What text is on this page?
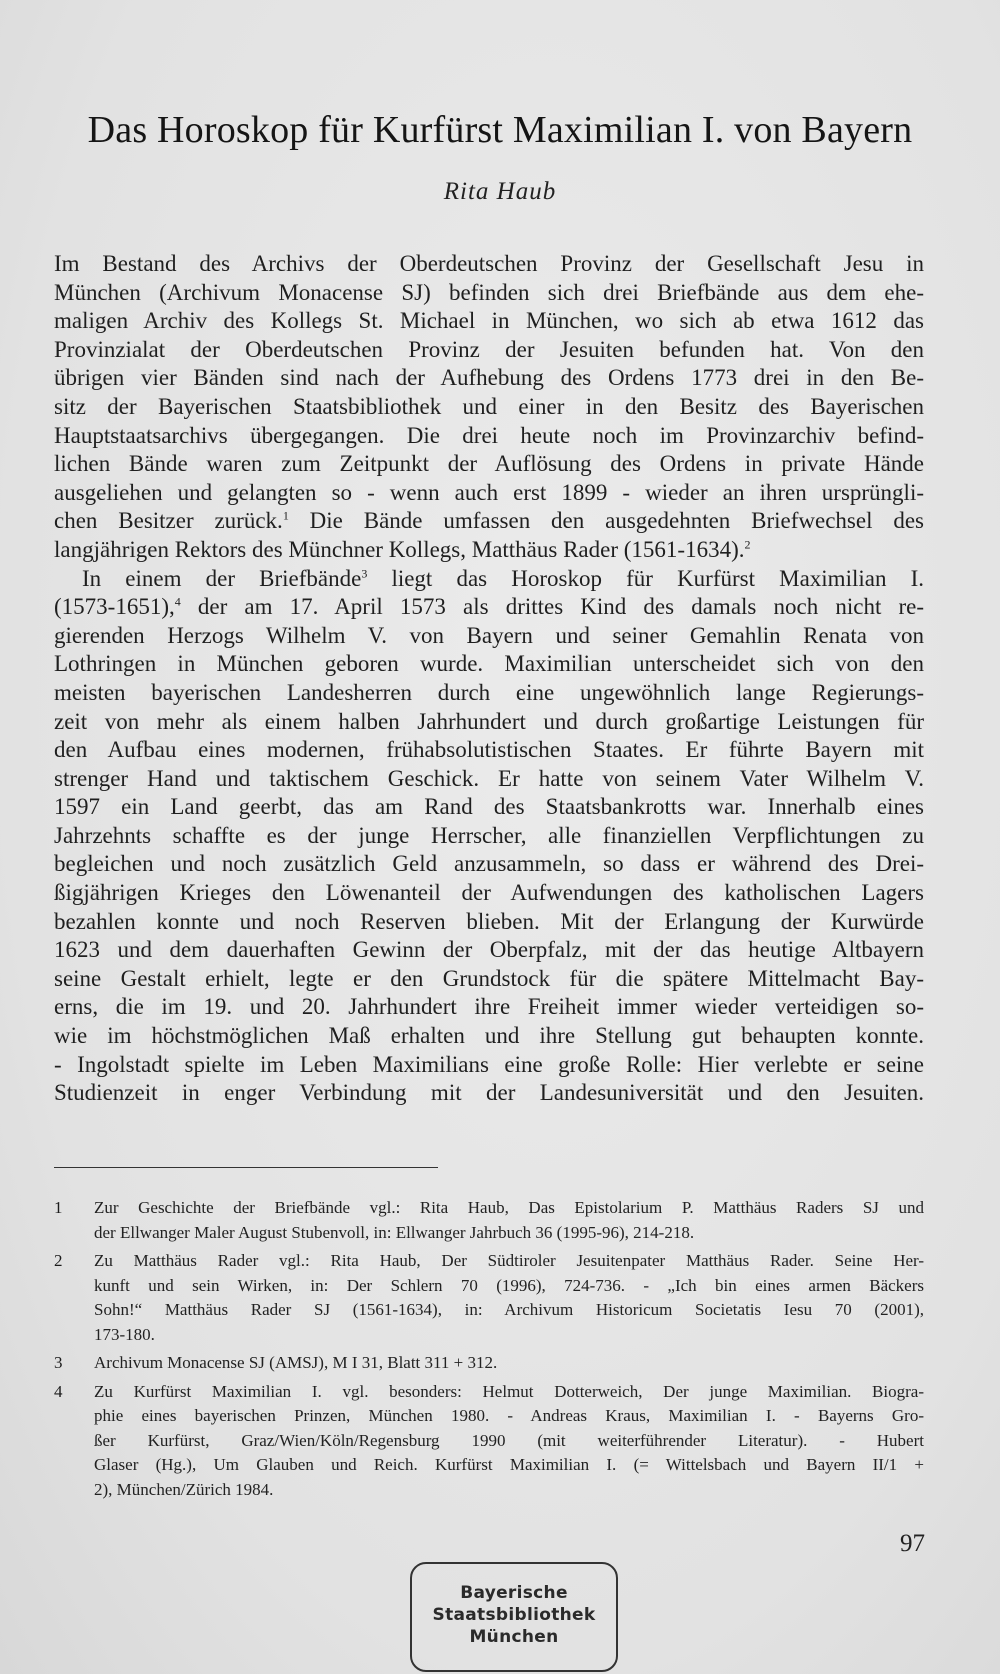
Das Horoskop für Kurfürst Maximilian I. von Bayern
Rita Haub
Im Bestand des Archivs der Oberdeutschen Provinz der Gesellschaft Jesu in
München (Archivum Monacense SJ) befinden sich drei Briefbände aus dem ehe-
maligen Archiv des Kollegs St. Michael in München, wo sich ab etwa 1612 das
Provinzialat der Oberdeutschen Provinz der Jesuiten befunden hat. Von den
übrigen vier Bänden sind nach der Aufhebung des Ordens 1773 drei in den Be-
sitz der Bayerischen Staatsbibliothek und einer in den Besitz des Bayerischen
Hauptstaatsarchivs übergegangen. Die drei heute noch im Provinzarchiv befind-
lichen Bände waren zum Zeitpunkt der Auflösung des Ordens in private Hände
ausgeliehen und gelangten so - wenn auch erst 1899 - wieder an ihren ursprüngli-
chen Besitzer zurück.$^1$ Die Bände umfassen den ausgedehnten Briefwechsel des
langjährigen Rektors des Münchner Kollegs, Matthäus Rader (1561-1634).$^2$
In einem der Briefbände$^3$ liegt das Horoskop für Kurfürst Maximilian I.
(1573-1651),$^4$ der am 17. April 1573 als drittes Kind des damals noch nicht re-
gierenden Herzogs Wilhelm V. von Bayern und seiner Gemahlin Renata von
Lothringen in München geboren wurde. Maximilian unterscheidet sich von den
meisten bayerischen Landesherren durch eine ungewöhnlich lange Regierungs-
zeit von mehr als einem halben Jahrhundert und durch großartige Leistungen für
den Aufbau eines modernen, frühabsolutistischen Staates. Er führte Bayern mit
strenger Hand und taktischem Geschick. Er hatte von seinem Vater Wilhelm V.
1597 ein Land geerbt, das am Rand des Staatsbankrotts war. Innerhalb eines
Jahrzehnts schaffte es der junge Herrscher, alle finanziellen Verpflichtungen zu
begleichen und noch zusätzlich Geld anzusammeln, so dass er während des Drei-
ßigjährigen Krieges den Löwenanteil der Aufwendungen des katholischen Lagers
bezahlen konnte und noch Reserven blieben. Mit der Erlangung der Kurwürde
1623 und dem dauerhaften Gewinn der Oberpfalz, mit der das heutige Altbayern
seine Gestalt erhielt, legte er den Grundstock für die spätere Mittelmacht Bay-
erns, die im 19. und 20. Jahrhundert ihre Freiheit immer wieder verteidigen so-
wie im höchstmöglichen Maß erhalten und ihre Stellung gut behaupten konnte.
- Ingolstadt spielte im Leben Maximilians eine große Rolle: Hier verlebte er seine
Studienzeit in enger Verbindung mit der Landesuniversität und den Jesuiten.
1 Zur Geschichte der Briefbände vgl.: Rita Haub, Das Epistolarium P. Matthäus Raders SJ und
der Ellwanger Maler August Stubenvoll, in: Ellwanger Jahrbuch 36 (1995-96), 214-218.
2 Zu Matthäus Rader vgl.: Rita Haub, Der Südtiroler Jesuitenpater Matthäus Rader. Seine Her-
kunft und sein Wirken, in: Der Schlern 70 (1996), 724-736. - „Ich bin eines armen Bäckers
Sohn!“ Matthäus Rader SJ (1561-1634), in: Archivum Historicum Societatis Iesu 70 (2001),
173-180.
3 Archivum Monacense SJ (AMSJ), M I 31, Blatt 311 + 312.
4 Zu Kurfürst Maximilian I. vgl. besonders: Helmut Dotterweich, Der junge Maximilian. Biogra-
phie eines bayerischen Prinzen, München 1980. - Andreas Kraus, Maximilian I. - Bayerns Gro-
ßer Kurfürst, Graz/Wien/Köln/Regensburg 1990 (mit weiterführender Literatur). - Hubert
Glaser (Hg.), Um Glauben und Reich. Kurfürst Maximilian I. (= Wittelsbach und Bayern II/1 +
2), München/Zürich 1984.
97
Bayerische
Staatsbibliothek
München
